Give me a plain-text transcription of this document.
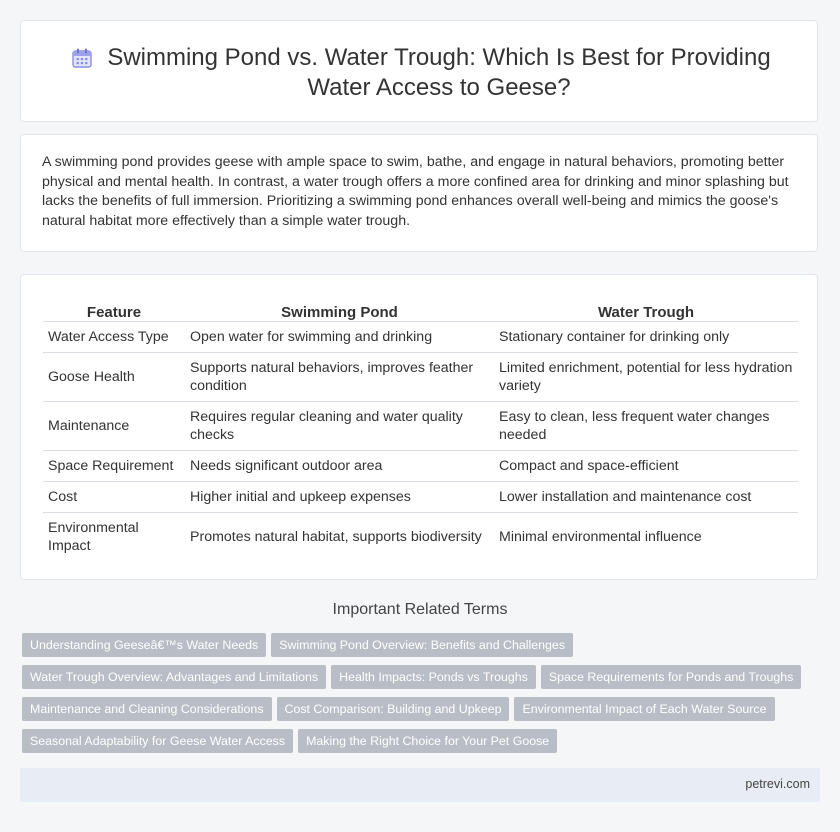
Swimming Pond vs. Water Trough: Which Is Best for Providing Water Access to Geese?

A swimming pond provides geese with ample space to swim, bathe, and engage in natural behaviors, promoting better physical and mental health. In contrast, a water trough offers a more confined area for drinking and minor splashing but lacks the benefits of full immersion. Prioritizing a swimming pond enhances overall well-being and mimics the goose's natural habitat more effectively than a simple water trough.

Feature	Swimming Pond	Water Trough
Water Access Type	Open water for swimming and drinking	Stationary container for drinking only
Goose Health	Supports natural behaviors, improves feather condition	Limited enrichment, potential for less hydration variety
Maintenance	Requires regular cleaning and water quality checks	Easy to clean, less frequent water changes needed
Space Requirement	Needs significant outdoor area	Compact and space-efficient
Cost	Higher initial and upkeep expenses	Lower installation and maintenance cost
Environmental Impact	Promotes natural habitat, supports biodiversity	Minimal environmental influence

Important Related Terms

Understanding Geeseâ€™s Water Needs Swimming Pond Overview: Benefits and Challenges
Water Trough Overview: Advantages and Limitations Health Impacts: Ponds vs Troughs Space Requirements for Ponds and Troughs
Maintenance and Cleaning Considerations Cost Comparison: Building and Upkeep Environmental Impact of Each Water Source
Seasonal Adaptability for Geese Water Access Making the Right Choice for Your Pet Goose
petrevi.com
